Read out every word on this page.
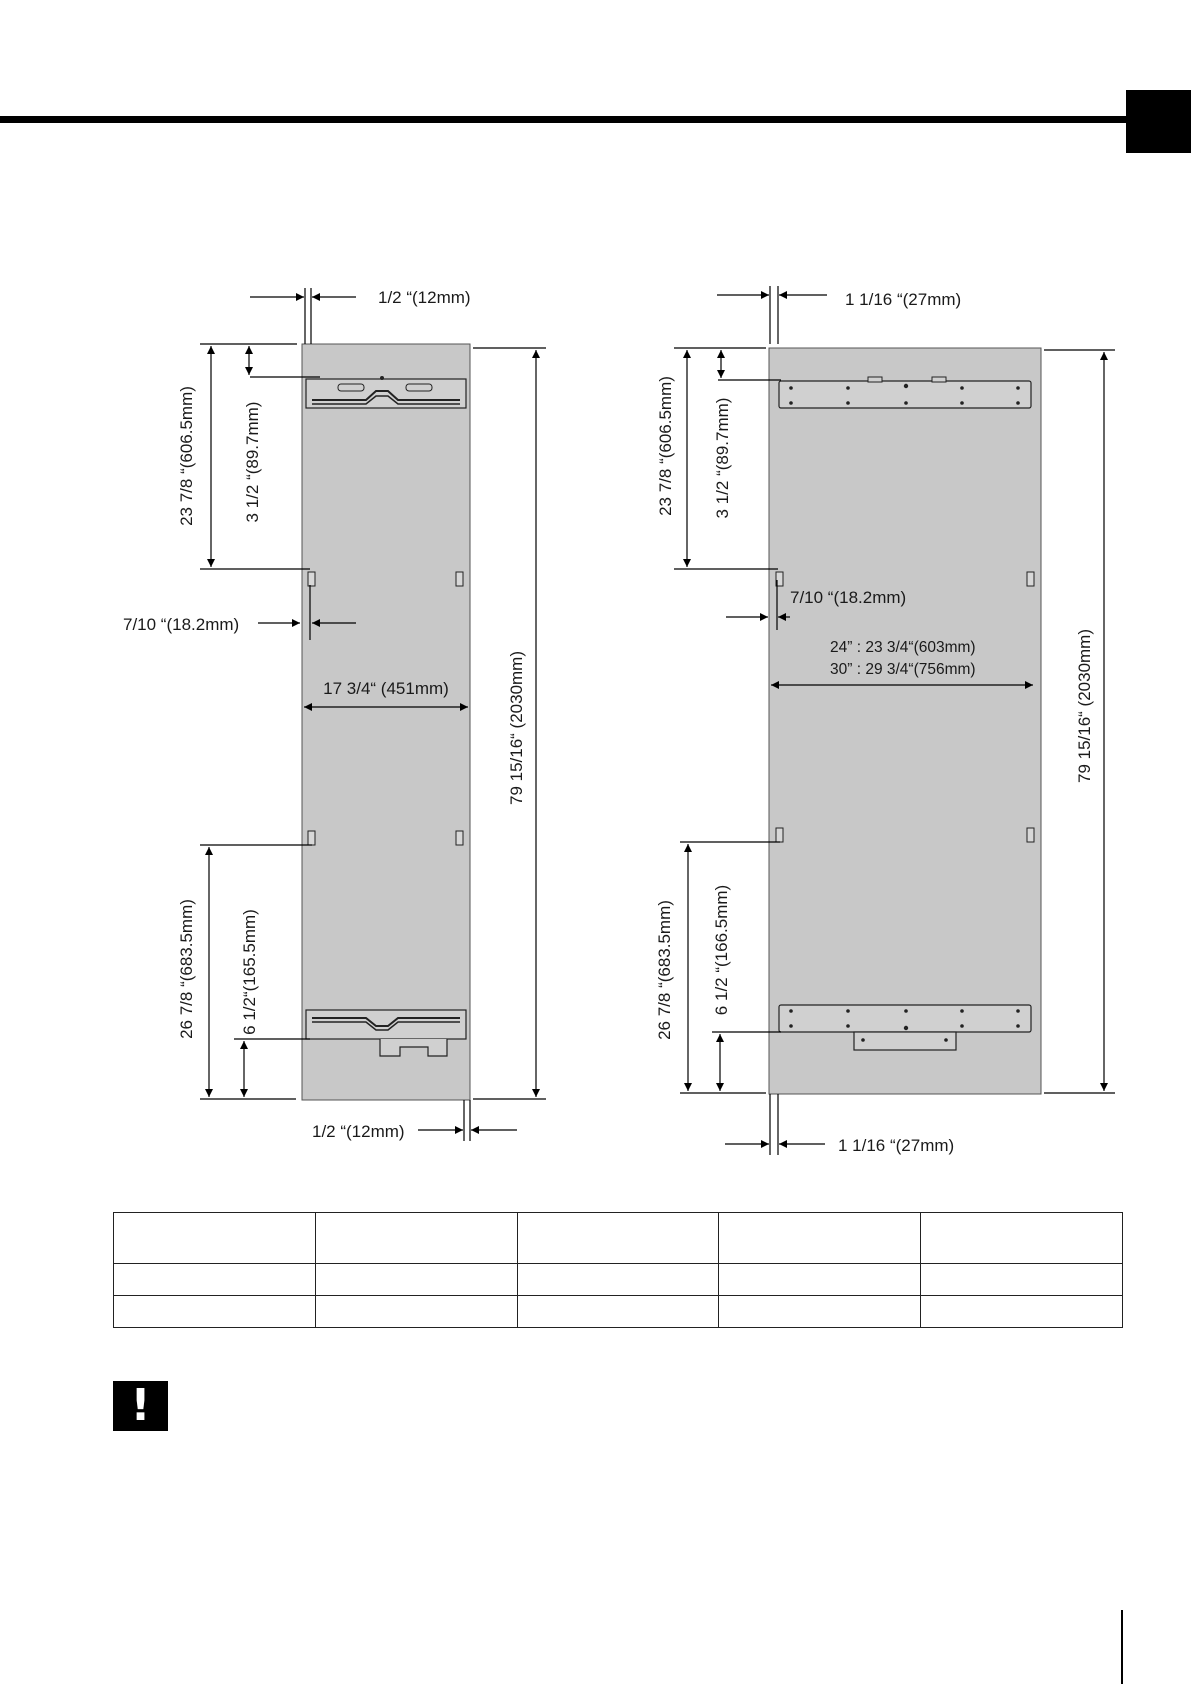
1/2 “(12mm)
23 7/8 “(606.5mm)	3 1/2 “(89.7mm)
7/10 “(18.2mm)
17 3/4“ (451mm)	79 15/16“ (2030mm)
26 7/8 “(683.5mm)	6 1/2“(165.5mm)
1/2 “(12mm)
1 1/16 “(27mm)
23 7/8 “(606.5mm) 3 1/2 “(89.7mm)
7/10 “(18.2mm)
24” : 23 3/4“(603mm)
30” : 29 3/4“(756mm)	79 15/16“ (2030mm)
26 7/8 “(683.5mm) 6 1/2 “(166.5mm)
1 1/16 “(27mm)

!
